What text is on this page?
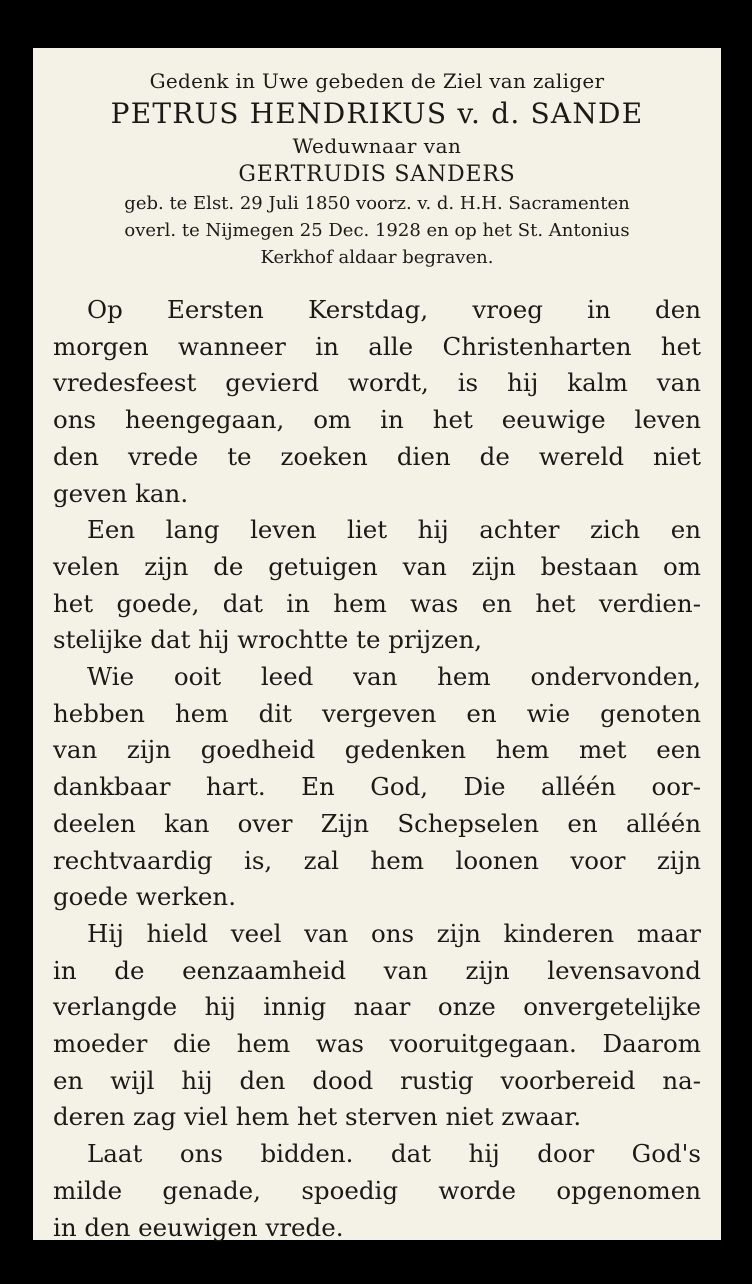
Gedenk in Uwe gebeden de Ziel van zaliger
PETRUS HENDRIKUS v. d. SANDE
Weduwnaar van
GERTRUDIS SANDERS
geb. te Elst. 29 Juli 1850 voorz. v. d. H.H. Sacramenten
overl. te Nijmegen 25 Dec. 1928 en op het St. Antonius
Kerkhof aldaar begraven.
Op Eersten Kerstdag, vroeg in den
morgen wanneer in alle Christenharten het
vredesfeest gevierd wordt, is hij kalm van
ons heengegaan, om in het eeuwige leven
den vrede te zoeken dien de wereld niet
geven kan.
Een lang leven liet hij achter zich en
velen zijn de getuigen van zijn bestaan om
het goede, dat in hem was en het verdien-
stelijke dat hij wrochtte te prijzen,
Wie ooit leed van hem ondervonden,
hebben hem dit vergeven en wie genoten
van zijn goedheid gedenken hem met een
dankbaar hart. En God, Die alléén oor-
deelen kan over Zijn Schepselen en alléén
rechtvaardig is, zal hem loonen voor zijn
goede werken.
Hij hield veel van ons zijn kinderen maar
in de eenzaamheid van zijn levensavond
verlangde hij innig naar onze onvergetelijke
moeder die hem was vooruitgegaan. Daarom
en wijl hij den dood rustig voorbereid na-
deren zag viel hem het sterven niet zwaar.
Laat ons bidden. dat hij door God's
milde genade, spoedig worde opgenomen
in den eeuwigen vrede.
